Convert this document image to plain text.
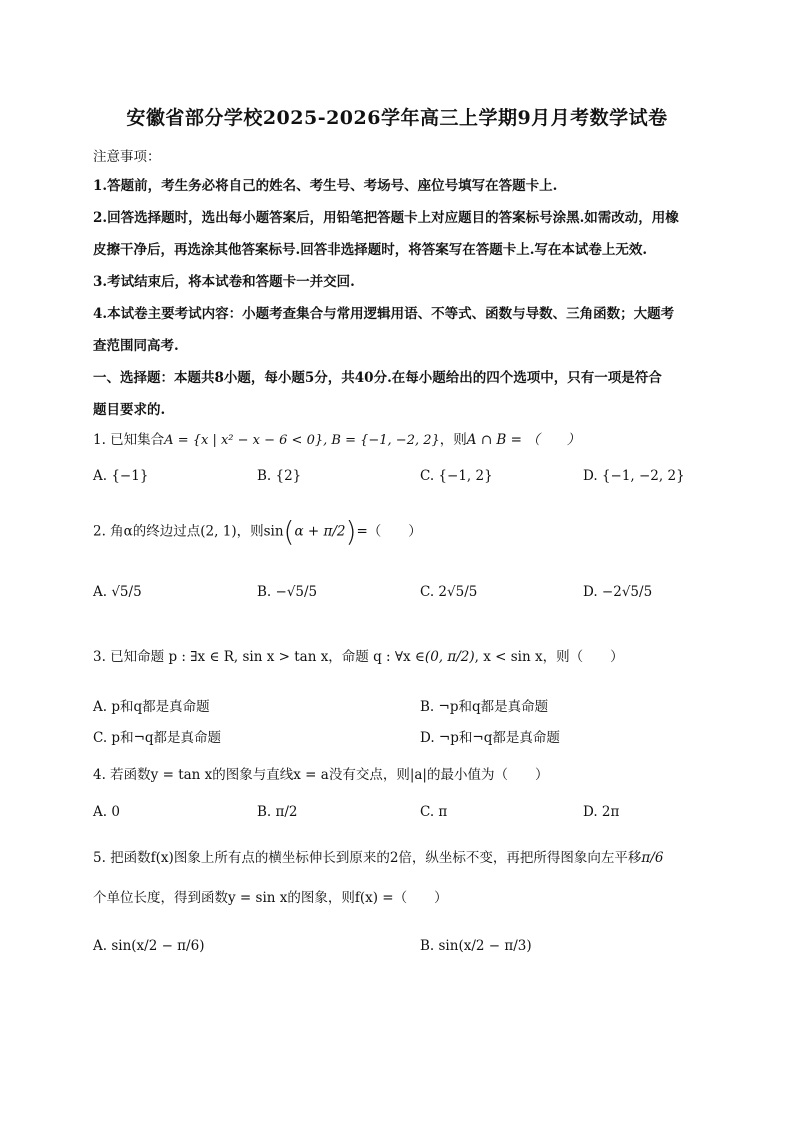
安徽省部分学校2025-2026学年高三上学期9月月考数学试卷
注意事项：
1.答题前，考生务必将自己的姓名、考生号、考场号、座位号填写在答题卡上.
2.回答选择题时，选出每小题答案后，用铅笔把答题卡上对应题目的答案标号涂黑.如需改动，用橡
皮擦干净后，再选涂其他答案标号.回答非选择题时，将答案写在答题卡上.写在本试卷上无效.
3.考试结束后，将本试卷和答题卡一并交回.
4.本试卷主要考试内容：小题考查集合与常用逻辑用语、不等式、函数与导数、三角函数；大题考
查范围同高考.
一、选择题：本题共8小题，每小题5分，共40分.在每小题给出的四个选项中，只有一项是符合
题目要求的.
1. 已知集合A = {x | x² − x − 6 < 0}, B = {−1, −2, 2}，则A ∩ B = （　　）
A. {−1}	B. {2}	C. {−1, 2}	D. {−1, −2, 2}
2. 角α的终边过点(2, 1)，则sin(α + π/2)=（　　）
A. √5/5	B. −√5/5	C. 2√5/5	D. −2√5/5
3. 已知命题 p : ∃x ∈ R, sin x > tan x，命题 q : ∀x ∈(0, π/2), x < sin x，则（　　）
A. p和q都是真命题	B. ¬p和q都是真命题
C. p和¬q都是真命题	D. ¬p和¬q都是真命题
4. 若函数y = tan x的图象与直线x = a没有交点，则|a|的最小值为（　　）
A. 0	B. π/2	C. π	D. 2π
5. 把函数f(x)图象上所有点的横坐标伸长到原来的2倍，纵坐标不变，再把所得图象向左平移π/6
个单位长度，得到函数y = sin x的图象，则f(x) =（　　）
A. sin(x/2 − π/6)	B. sin(x/2 − π/3)
